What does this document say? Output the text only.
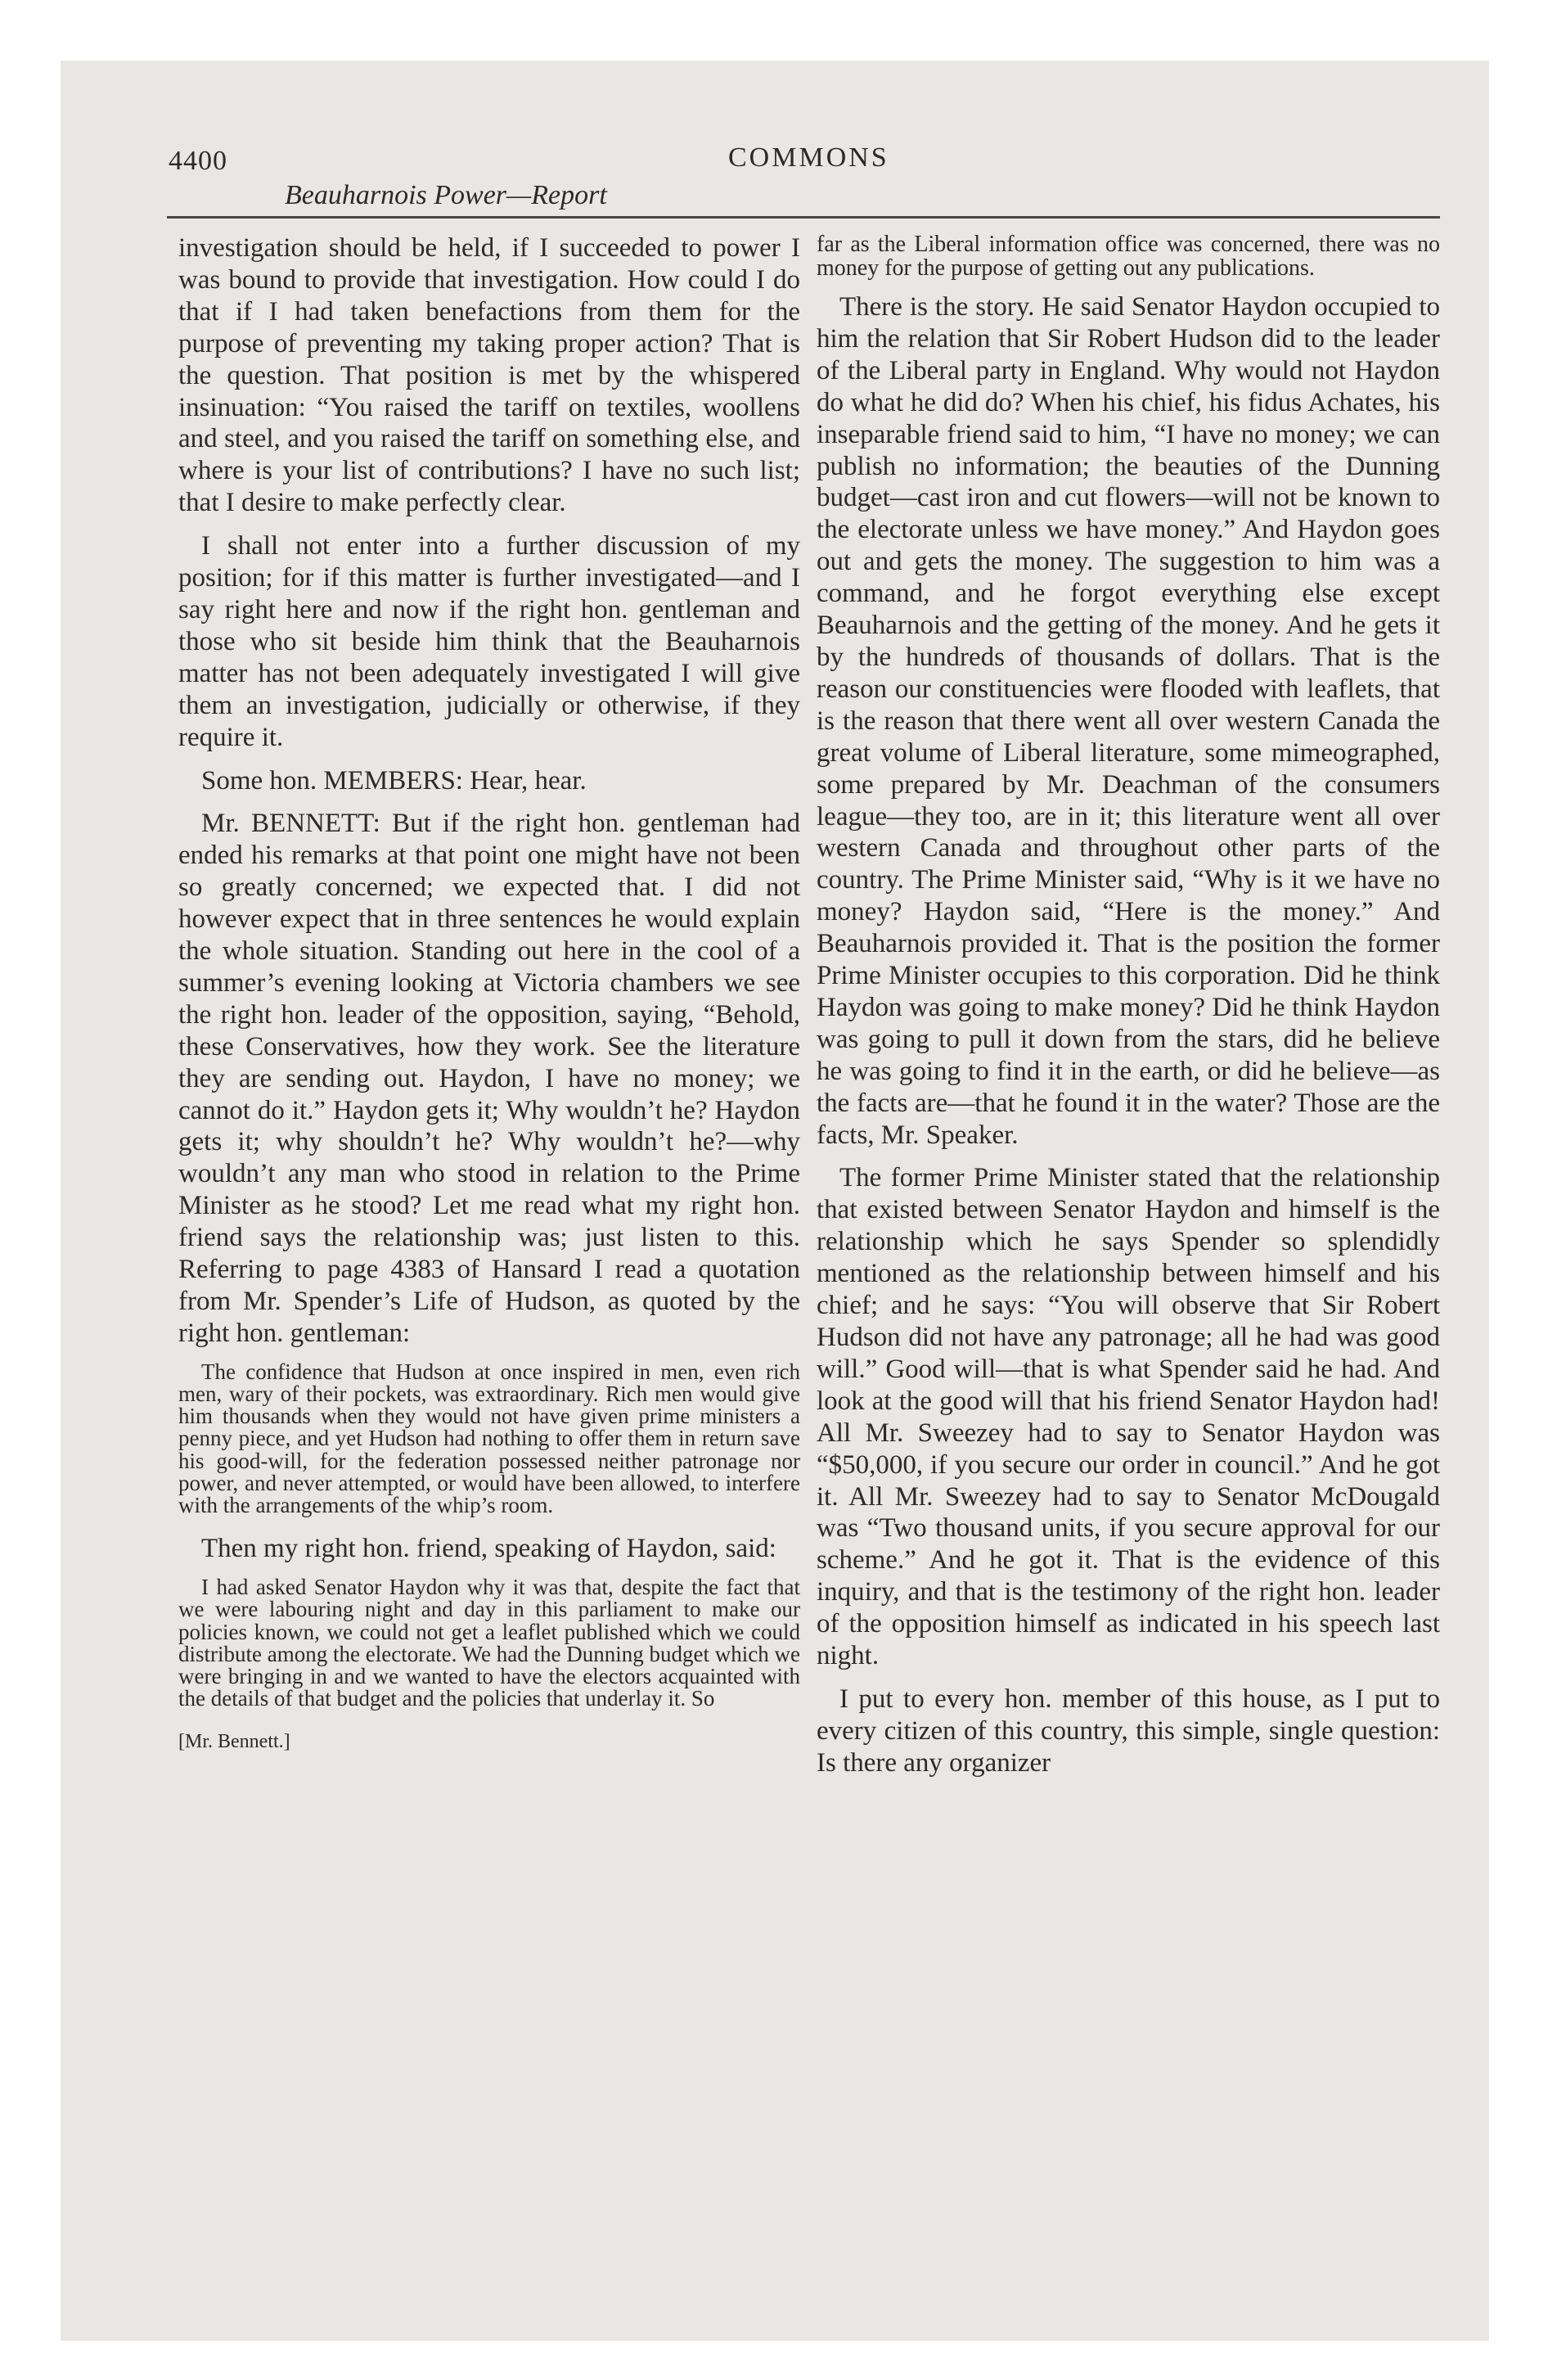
4400	COMMONS
Beauharnois Power—Report

investigation should be held, if I succeeded to power I was bound to provide that investigation. How could I do that if I had taken benefactions from them for the purpose of preventing my taking proper action? That is the question. That position is met by the whispered insinuation: “You raised the tariff on textiles, woollens and steel, and you raised the tariff on something else, and where is your list of contributions? I have no such list; that I desire to make perfectly clear.

I shall not enter into a further discussion of my position; for if this matter is further investigated—and I say right here and now if the right hon. gentleman and those who sit beside him think that the Beauharnois matter has not been adequately investigated I will give them an investigation, judicially or otherwise, if they require it.

Some hon. MEMBERS: Hear, hear.

Mr. BENNETT: But if the right hon. gentleman had ended his remarks at that point one might have not been so greatly concerned; we expected that. I did not however expect that in three sentences he would explain the whole situation. Standing out here in the cool of a summer’s evening looking at Victoria chambers we see the right hon. leader of the opposition, saying, “Behold, these Conservatives, how they work. See the literature they are sending out. Haydon, I have no money; we cannot do it.” Haydon gets it; Why wouldn’t he? Haydon gets it; why shouldn’t he? Why wouldn’t he?—why wouldn’t any man who stood in relation to the Prime Minister as he stood? Let me read what my right hon. friend says the relationship was; just listen to this. Referring to page 4383 of Hansard I read a quotation from Mr. Spender’s Life of Hudson, as quoted by the right hon. gentleman:

The confidence that Hudson at once inspired in men, even rich men, wary of their pockets, was extraordinary. Rich men would give him thousands when they would not have given prime ministers a penny piece, and yet Hudson had nothing to offer them in return save his good-will, for the federation possessed neither patronage nor power, and never attempted, or would have been allowed, to interfere with the arrangements of the whip’s room.

Then my right hon. friend, speaking of Haydon, said:

I had asked Senator Haydon why it was that, despite the fact that we were labouring night and day in this parliament to make our policies known, we could not get a leaflet published which we could distribute among the electorate. We had the Dunning budget which we were bringing in and we wanted to have the electors acquainted with the details of that budget and the policies that underlay it. So
[Mr. Bennett.]

far as the Liberal information office was concerned, there was no money for the purpose of getting out any publications.

There is the story. He said Senator Haydon occupied to him the relation that Sir Robert Hudson did to the leader of the Liberal party in England. Why would not Haydon do what he did do? When his chief, his fidus Achates, his inseparable friend said to him, “I have no money; we can publish no information; the beauties of the Dunning budget—cast iron and cut flowers—will not be known to the electorate unless we have money.” And Haydon goes out and gets the money. The suggestion to him was a command, and he forgot everything else except Beauharnois and the getting of the money. And he gets it by the hundreds of thousands of dollars. That is the reason our constituencies were flooded with leaflets, that is the reason that there went all over western Canada the great volume of Liberal literature, some mimeographed, some prepared by Mr. Deachman of the consumers league—they too, are in it; this literature went all over western Canada and throughout other parts of the country. The Prime Minister said, “Why is it we have no money? Haydon said, “Here is the money.” And Beauharnois provided it. That is the position the former Prime Minister occupies to this corporation. Did he think Haydon was going to make money? Did he think Haydon was going to pull it down from the stars, did he believe he was going to find it in the earth, or did he believe—as the facts are—that he found it in the water? Those are the facts, Mr. Speaker.

The former Prime Minister stated that the relationship that existed between Senator Haydon and himself is the relationship which he says Spender so splendidly mentioned as the relationship between himself and his chief; and he says: “You will observe that Sir Robert Hudson did not have any patronage; all he had was good will.” Good will—that is what Spender said he had. And look at the good will that his friend Senator Haydon had! All Mr. Sweezey had to say to Senator Haydon was “$50,000, if you secure our order in council.” And he got it. All Mr. Sweezey had to say to Senator McDougald was “Two thousand units, if you secure approval for our scheme.” And he got it. That is the evidence of this inquiry, and that is the testimony of the right hon. leader of the opposition himself as indicated in his speech last night.

I put to every hon. member of this house, as I put to every citizen of this country, this simple, single question: Is there any organizer
